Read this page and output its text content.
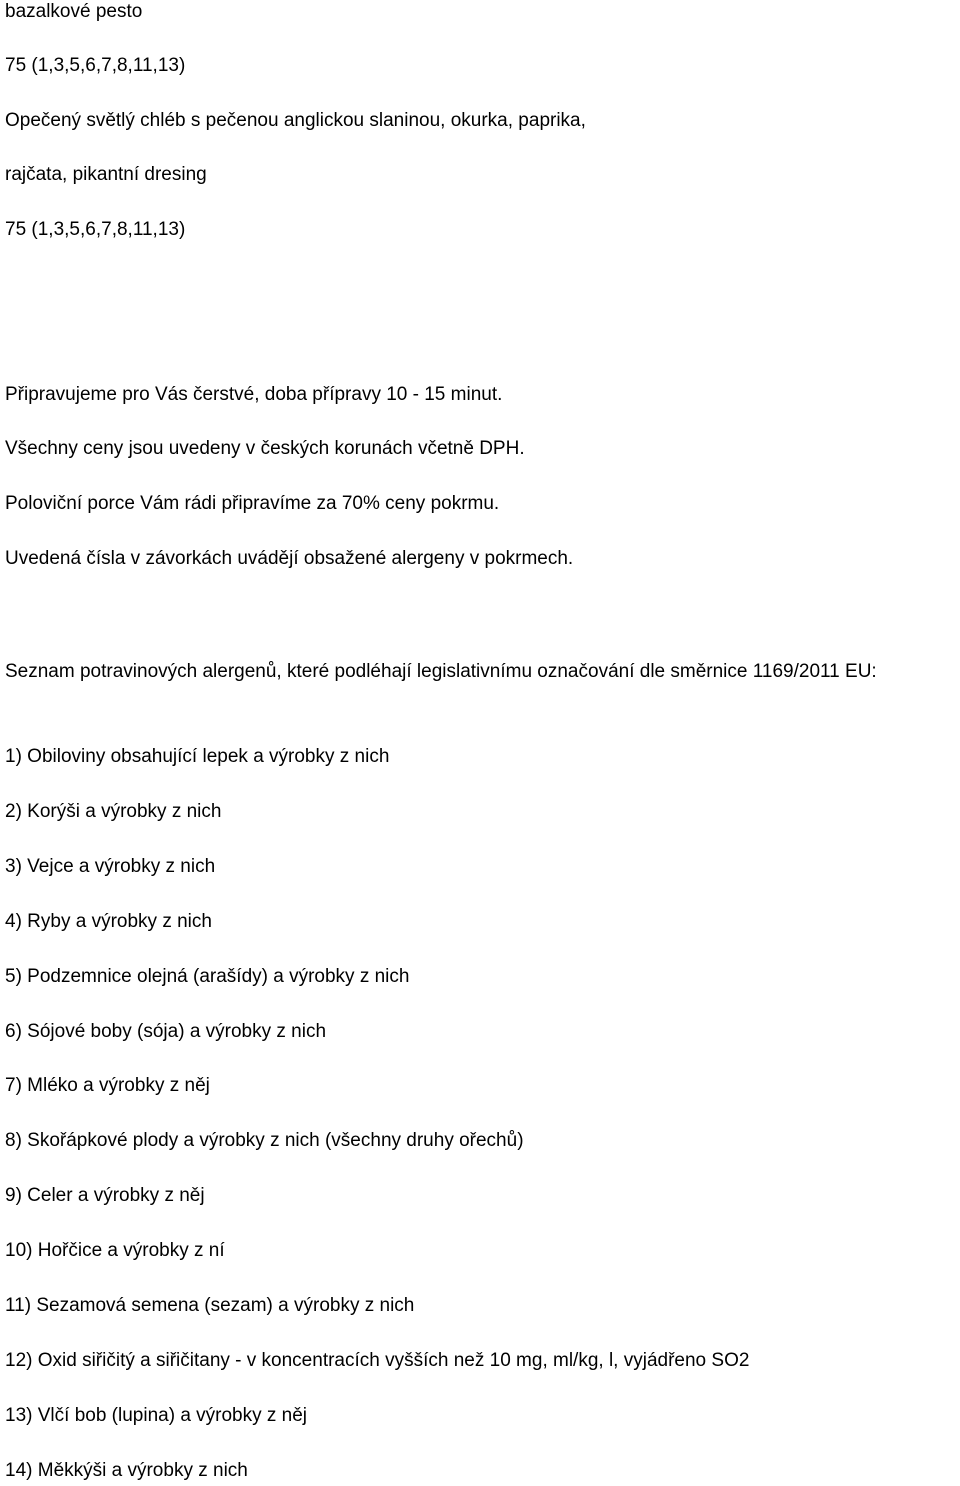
bazalkové pesto

75 (1,3,5,6,7,8,11,13)

Opečený světlý chléb s pečenou anglickou slaninou, okurka, paprika,

rajčata, pikantní dresing

75 (1,3,5,6,7,8,11,13)

Připravujeme pro Vás čerstvé, doba přípravy 10 - 15 minut.

Všechny ceny jsou uvedeny v českých korunách včetně DPH.

Poloviční porce Vám rádi připravíme za 70% ceny pokrmu.

Uvedená čísla v závorkách uvádějí obsažené alergeny v pokrmech.

Seznam potravinových alergenů, které podléhají legislativnímu označování dle směrnice 1169/2011 EU:

1) Obiloviny obsahující lepek a výrobky z nich

2) Korýši a výrobky z nich

3) Vejce a výrobky z nich

4) Ryby a výrobky z nich

5) Podzemnice olejná (arašídy) a výrobky z nich

6) Sójové boby (sója) a výrobky z nich

7) Mléko a výrobky z něj

8) Skořápkové plody a výrobky z nich (všechny druhy ořechů)

9) Celer a výrobky z něj

10) Hořčice a výrobky z ní

11) Sezamová semena (sezam) a výrobky z nich

12) Oxid siřičitý a siřičitany - v koncentracích vyšších než 10 mg, ml/kg, l, vyjádřeno SO2

13) Vlčí bob (lupina) a výrobky z něj

14) Měkkýši a výrobky z nich
